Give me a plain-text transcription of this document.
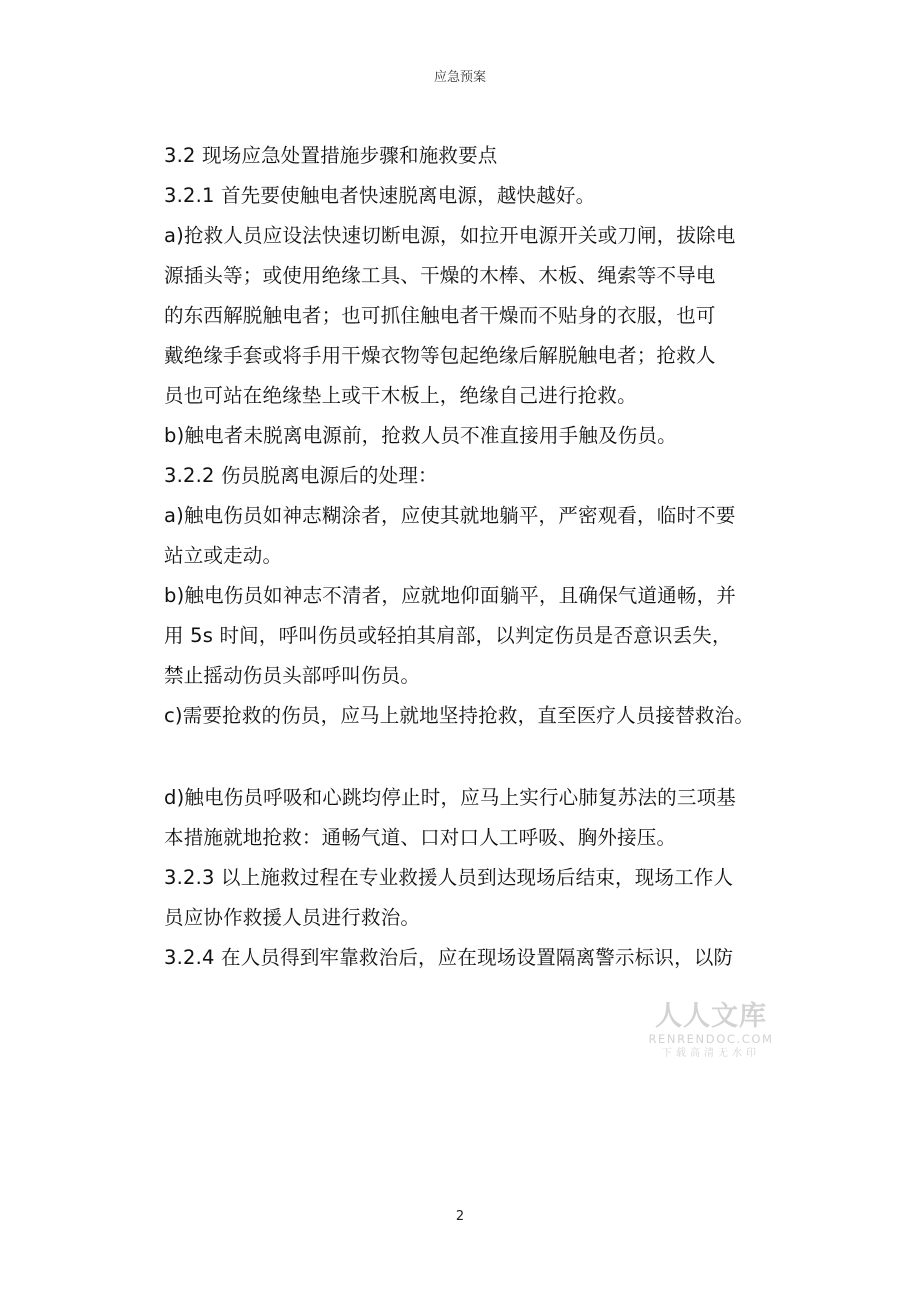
应急预案
3.2 现场应急处置措施步骤和施救要点
3.2.1 首先要使触电者快速脱离电源，越快越好。
a)抢救人员应设法快速切断电源，如拉开电源开关或刀闸，拔除电
源插头等；或使用绝缘工具、干燥的木棒、木板、绳索等不导电
的东西解脱触电者；也可抓住触电者干燥而不贴身的衣服，也可
戴绝缘手套或将手用干燥衣物等包起绝缘后解脱触电者；抢救人
员也可站在绝缘垫上或干木板上，绝缘自己进行抢救。
b)触电者未脱离电源前，抢救人员不准直接用手触及伤员。
3.2.2 伤员脱离电源后的处理：
a)触电伤员如神志糊涂者，应使其就地躺平，严密观看，临时不要
站立或走动。
b)触电伤员如神志不清者，应就地仰面躺平，且确保气道通畅，并
用 5s 时间，呼叫伤员或轻拍其肩部，以判定伤员是否意识丢失，
禁止摇动伤员头部呼叫伤员。
c)需要抢救的伤员，应马上就地坚持抢救，直至医疗人员接替救治。
d)触电伤员呼吸和心跳均停止时，应马上实行心肺复苏法的三项基
本措施就地抢救：通畅气道、口对口人工呼吸、胸外接压。
3.2.3 以上施救过程在专业救援人员到达现场后结束，现场工作人
员应协作救援人员进行救治。
3.2.4 在人员得到牢靠救治后，应在现场设置隔离警示标识，以防
人人文库
RENRENDOC.COM
下载高清无水印
2
